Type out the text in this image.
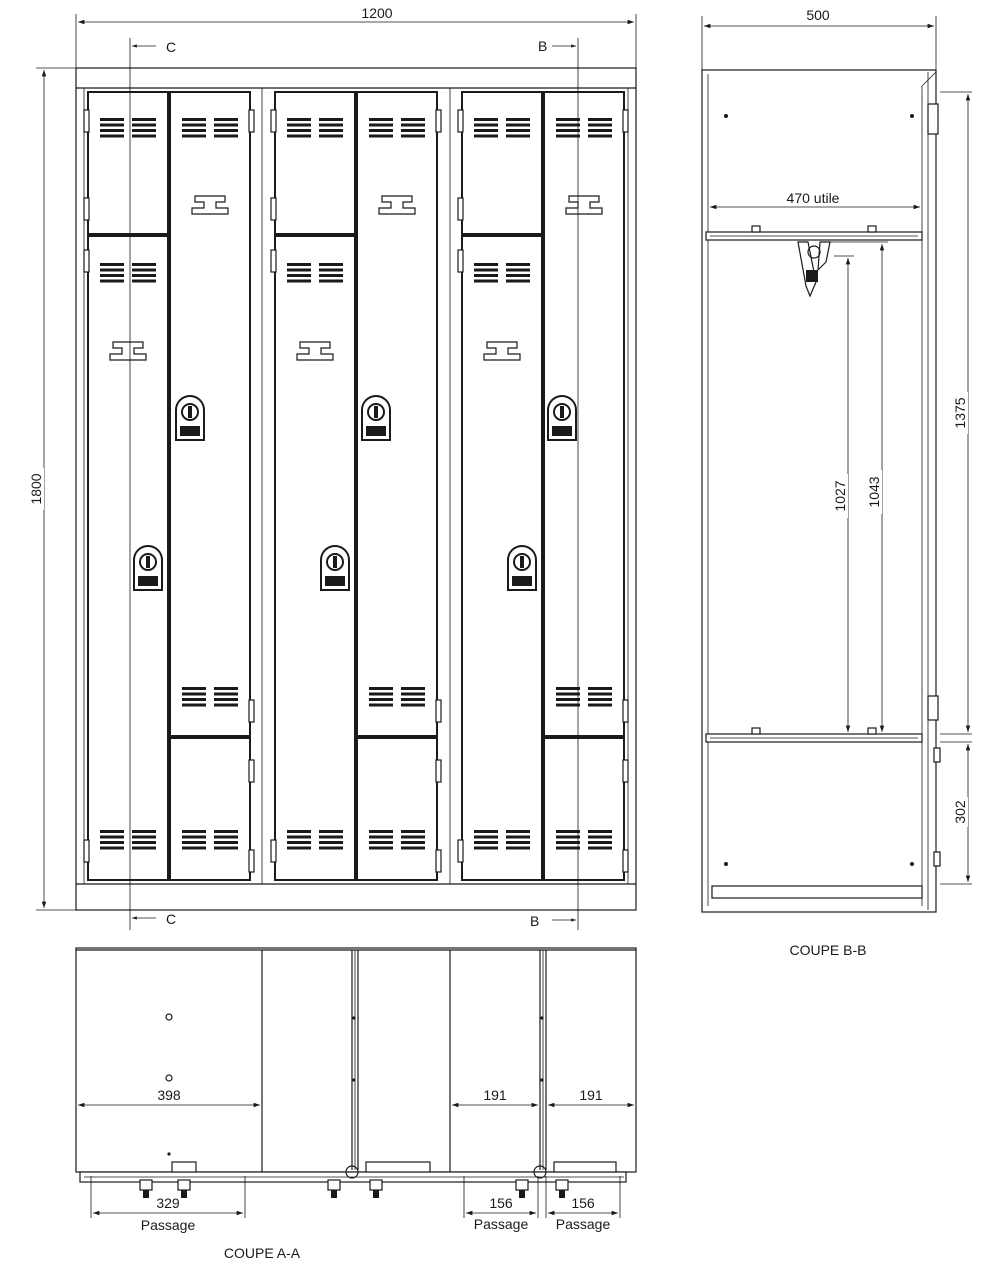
1200
1800
C
C
B
B
500
470 utile
1375
1027 1043
302
COUPE B-B
398	191	191
329
Passage
156
Passage
156
Passage
COUPE A-A
